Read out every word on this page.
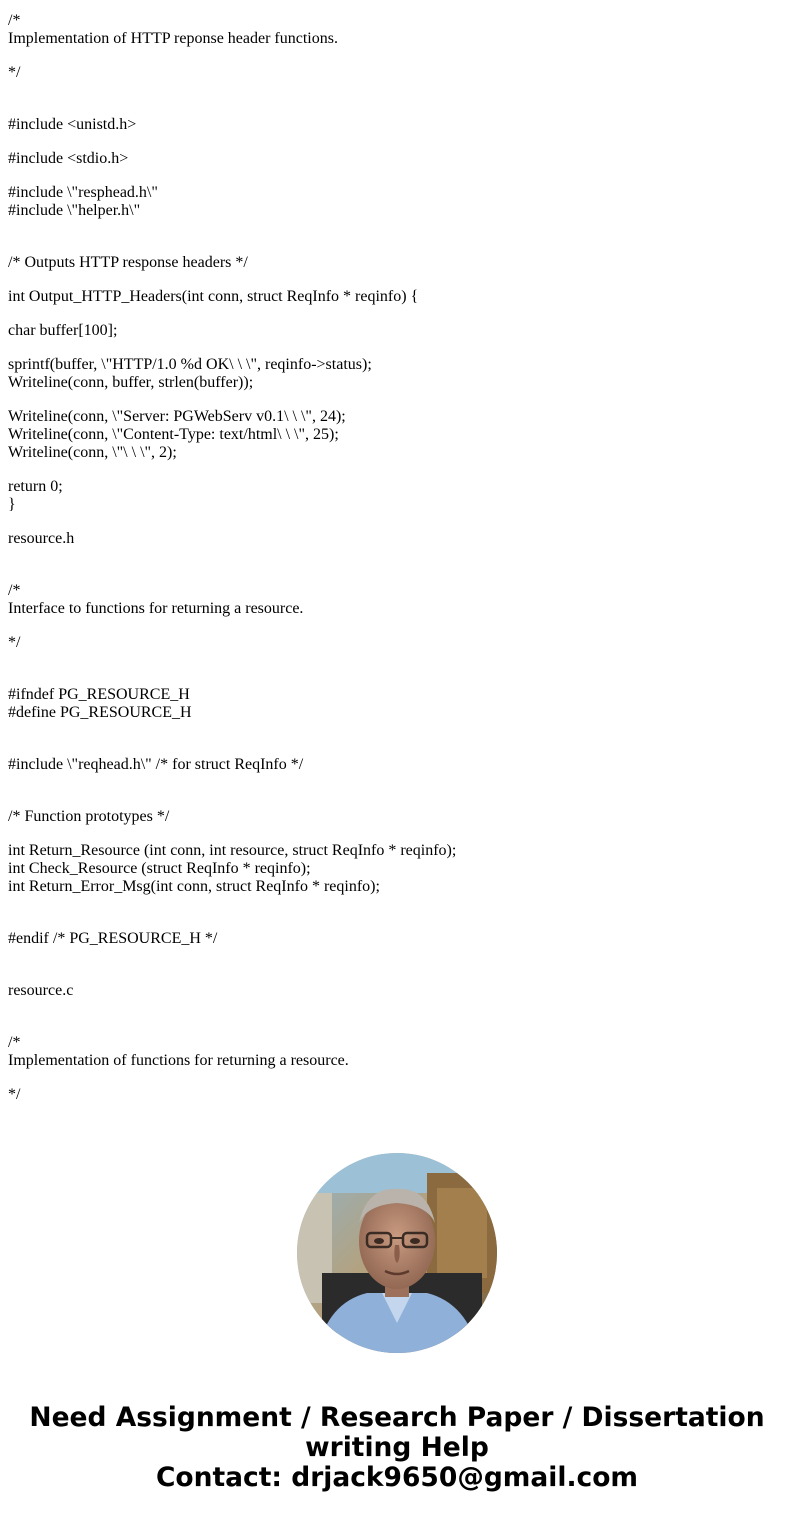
/*
Implementation of HTTP reponse header functions.
*/
#include <unistd.h>
#include <stdio.h>
#include \"resphead.h\"
#include \"helper.h\"
/* Outputs HTTP response headers */
int Output_HTTP_Headers(int conn, struct ReqInfo * reqinfo) {
char buffer[100];
sprintf(buffer, \"HTTP/1.0 %d OK\ \ \", reqinfo->status);
Writeline(conn, buffer, strlen(buffer));
Writeline(conn, \"Server: PGWebServ v0.1\ \ \", 24);
Writeline(conn, \"Content-Type: text/html\ \ \", 25);
Writeline(conn, \"\ \ \", 2);
return 0;
}
resource.h
/*
Interface to functions for returning a resource.
*/
#ifndef PG_RESOURCE_H
#define PG_RESOURCE_H
#include \"reqhead.h\" /* for struct ReqInfo */
/* Function prototypes */
int Return_Resource (int conn, int resource, struct ReqInfo * reqinfo);
int Check_Resource (struct ReqInfo * reqinfo);
int Return_Error_Msg(int conn, struct ReqInfo * reqinfo);
#endif /* PG_RESOURCE_H */
resource.c
/*
Implementation of functions for returning a resource.
*/
Need Assignment / Research Paper / Dissertation
writing Help
Contact: drjack9650@gmail.com
